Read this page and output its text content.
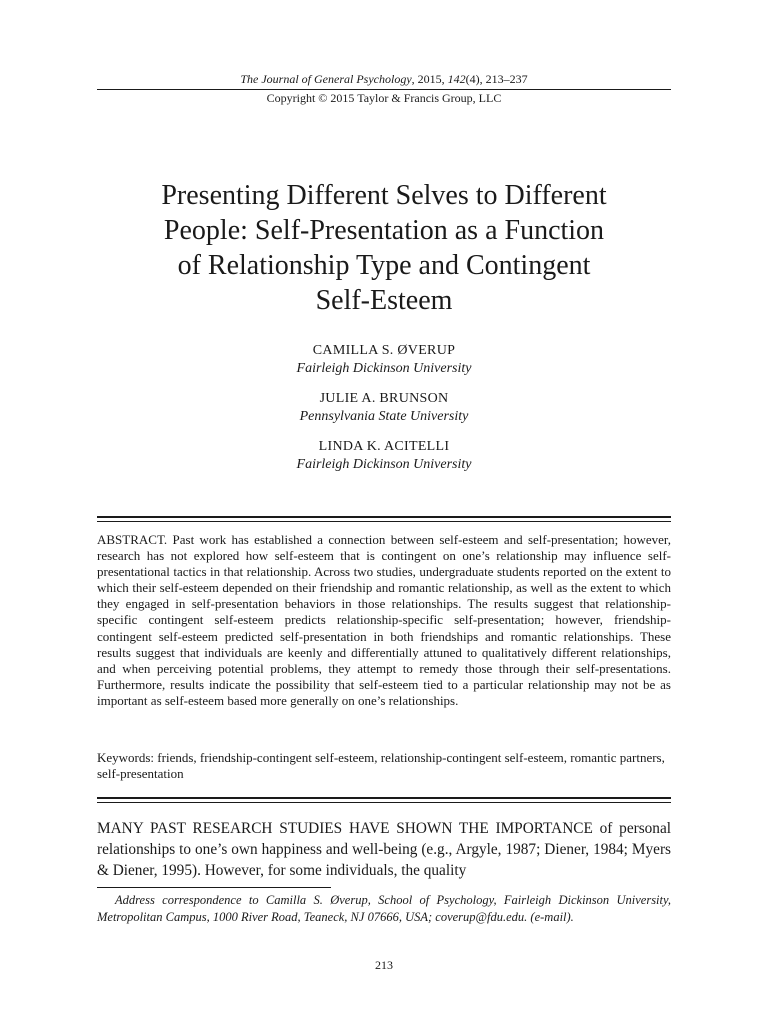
The Journal of General Psychology, 2015, 142(4), 213–237
Copyright © 2015 Taylor & Francis Group, LLC
Presenting Different Selves to Different
People: Self-Presentation as a Function
of Relationship Type and Contingent
Self-Esteem
CAMILLA S. ØVERUP
Fairleigh Dickinson University
JULIE A. BRUNSON
Pennsylvania State University
LINDA K. ACITELLI
Fairleigh Dickinson University

ABSTRACT. Past work has established a connection between self-esteem and self-presentation; however, research has not explored how self-esteem that is contingent on one’s relationship may influence self-presentational tactics in that relationship. Across two studies, undergraduate students reported on the extent to which their self-esteem depended on their friendship and romantic relationship, as well as the extent to which they engaged in self-presentation behaviors in those relationships. The results suggest that relationship-specific contingent self-esteem predicts relationship-specific self-presentation; however, friendship-contingent self-esteem predicted self-presentation in both friendships and romantic relationships. These results suggest that individuals are keenly and differentially attuned to qualitatively different relationships, and when perceiving potential problems, they attempt to remedy those through their self-presentations. Furthermore, results indicate the possibility that self-esteem tied to a particular relationship may not be as important as self-esteem based more generally on one’s relationships.

Keywords: friends, friendship-contingent self-esteem, relationship-contingent self-esteem, romantic partners, self-presentation

MANY PAST RESEARCH STUDIES HAVE SHOWN THE IMPORTANCE of personal relationships to one’s own happiness and well-being (e.g., Argyle, 1987; Diener, 1984; Myers & Diener, 1995). However, for some individuals, the quality

Address correspondence to Camilla S. Øverup, School of Psychology, Fairleigh Dickinson University, Metropolitan Campus, 1000 River Road, Teaneck, NJ 07666, USA; coverup@fdu.edu. (e-mail).

213
